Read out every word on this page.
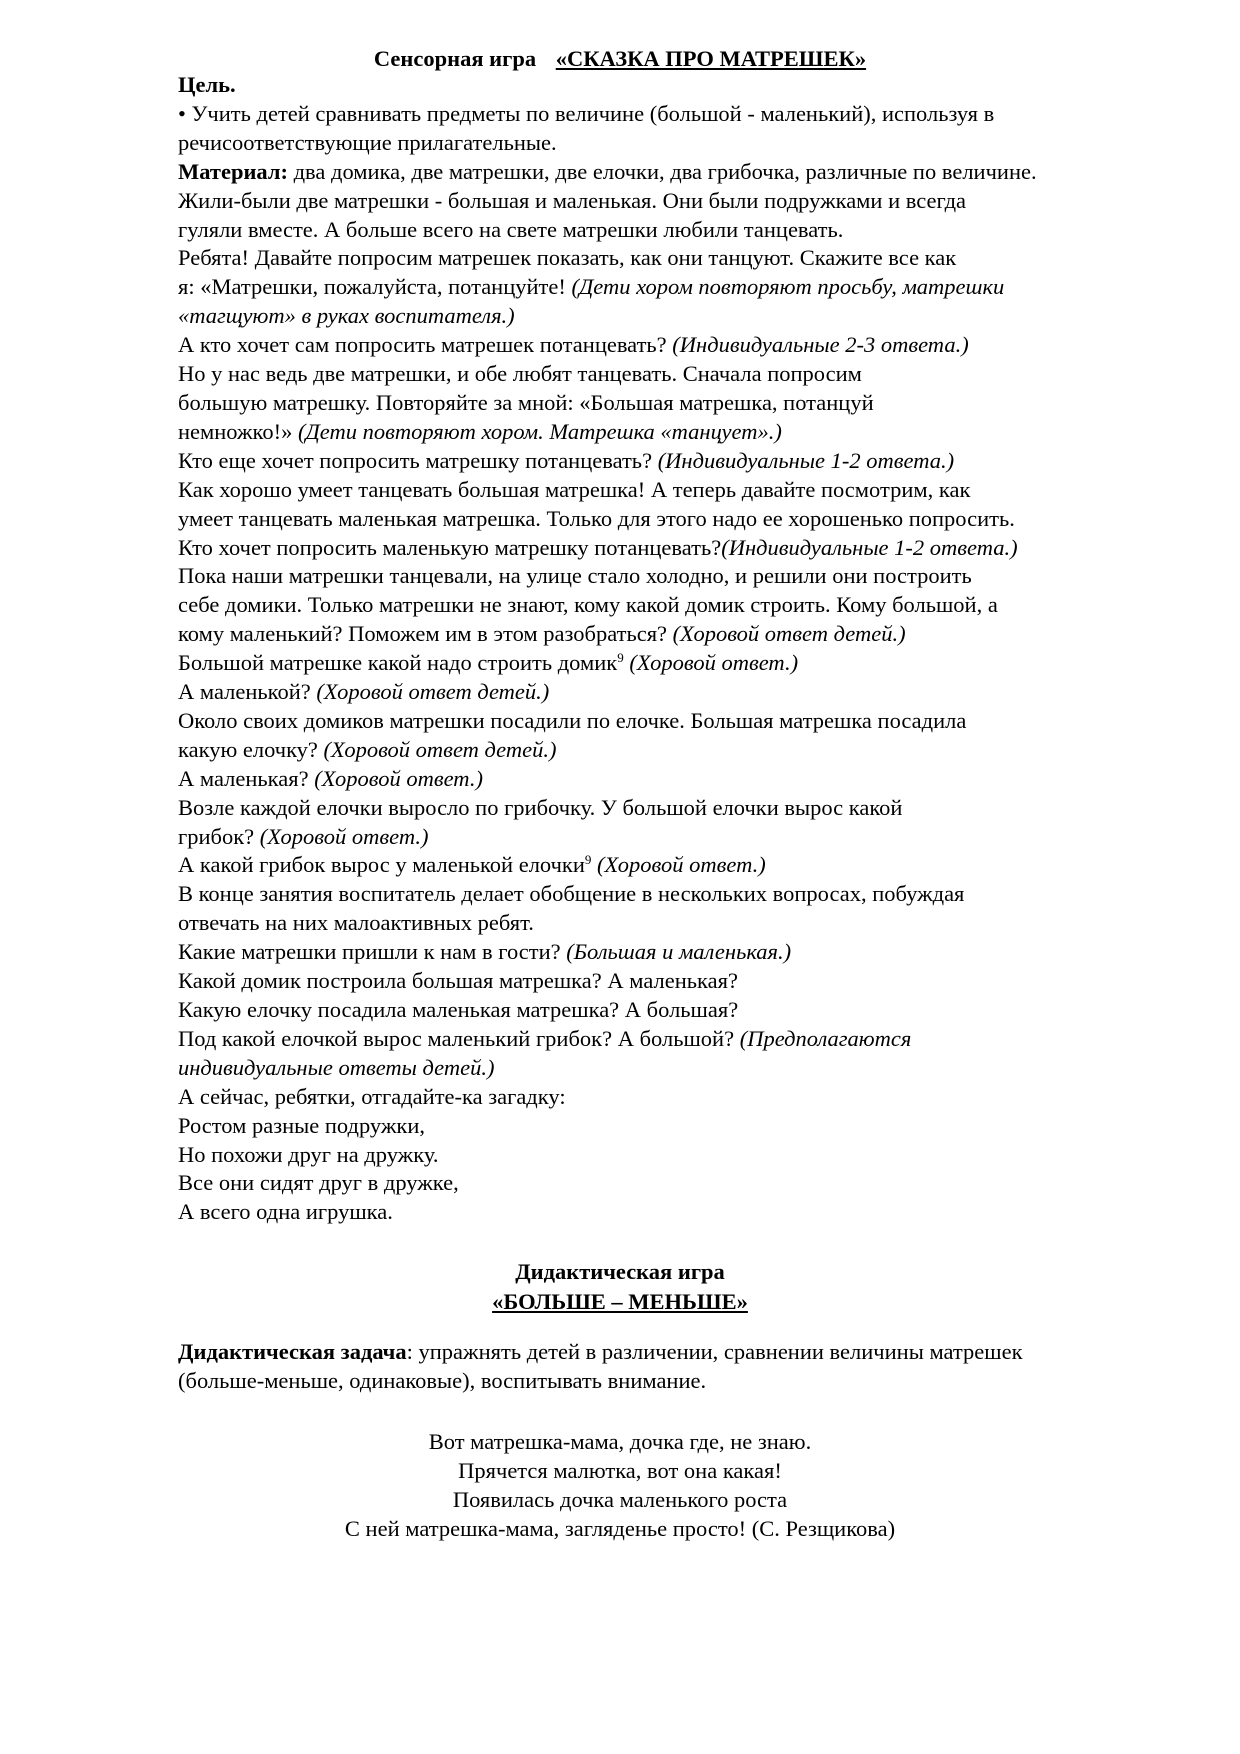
Сенсорная игра «СКАЗКА ПРО МАТРЕШЕК»
Цель.
• Учить детей сравнивать предметы по величине (большой - маленький), используя в
речисоответствующие прилагательные.
Материал: два домика, две матрешки, две елочки, два грибочка, различные по величине.
Жили-были две матрешки - большая и маленькая. Они были подружками и всегда
гуляли вместе. А больше всего на свете матрешки любили танцевать.
Ребята! Давайте попросим матрешек показать, как они танцуют. Скажите все как
я: «Матрешки, пожалуйста, потанцуйте! (Дети хором повторяют просьбу, матрешки
«тагщуют» в руках воспитателя.)
А кто хочет сам попросить матрешек потанцевать? (Индивидуальные 2-3 ответа.)
Но у нас ведь две матрешки, и обе любят танцевать. Сначала попросим
большую матрешку. Повторяйте за мной: «Большая матрешка, потанцуй
немножко!» (Дети повторяют хором. Матрешка «танцует».)
Кто еще хочет попросить матрешку потанцевать? (Индивидуальные 1-2 ответа.)
Как хорошо умеет танцевать большая матрешка! А теперь давайте посмотрим, как
умеет танцевать маленькая матрешка. Только для этого надо ее хорошенько попросить.
Кто хочет попросить маленькую матрешку потанцевать?(Индивидуальные 1-2 ответа.)
Пока наши матрешки танцевали, на улице стало холодно, и решили они построить
себе домики. Только матрешки не знают, кому какой домик строить. Кому большой, а
кому маленький? Поможем им в этом разобраться? (Хоровой ответ детей.)
Большой матрешке какой надо строить домик$^9$ (Хоровой ответ.)
А маленькой? (Хоровой ответ детей.)
Около своих домиков матрешки посадили по елочке. Большая матрешка посадила
какую елочку? (Хоровой ответ детей.)
А маленькая? (Хоровой ответ.)
Возле каждой елочки выросло по грибочку. У большой елочки вырос какой
грибок? (Хоровой ответ.)
А какой грибок вырос у маленькой елочки$^9$ (Хоровой ответ.)
В конце занятия воспитатель делает обобщение в нескольких вопросах, побуждая
отвечать на них малоактивных ребят.
Какие матрешки пришли к нам в гости? (Большая и маленькая.)
Какой домик построила большая матрешка? А маленькая?
Какую елочку посадила маленькая матрешка? А большая?
Под какой елочкой вырос маленький грибок? А большой? (Предполагаются
индивидуальные ответы детей.)
А сейчас, ребятки, отгадайте-ка загадку:
Ростом разные подружки,
Но похожи друг на дружку.
Все они сидят друг в дружке,
А всего одна игрушка.
Дидактическая игра
«БОЛЬШЕ – МЕНЬШЕ»
Дидактическая задача: упражнять детей в различении, сравнении величины матрешек
(больше-меньше, одинаковые), воспитывать внимание.
Вот матрешка-мама, дочка где, не знаю.
Прячется малютка, вот она какая!
Появилась дочка маленького роста
С ней матрешка-мама, загляденье просто! (С. Резщикова)
